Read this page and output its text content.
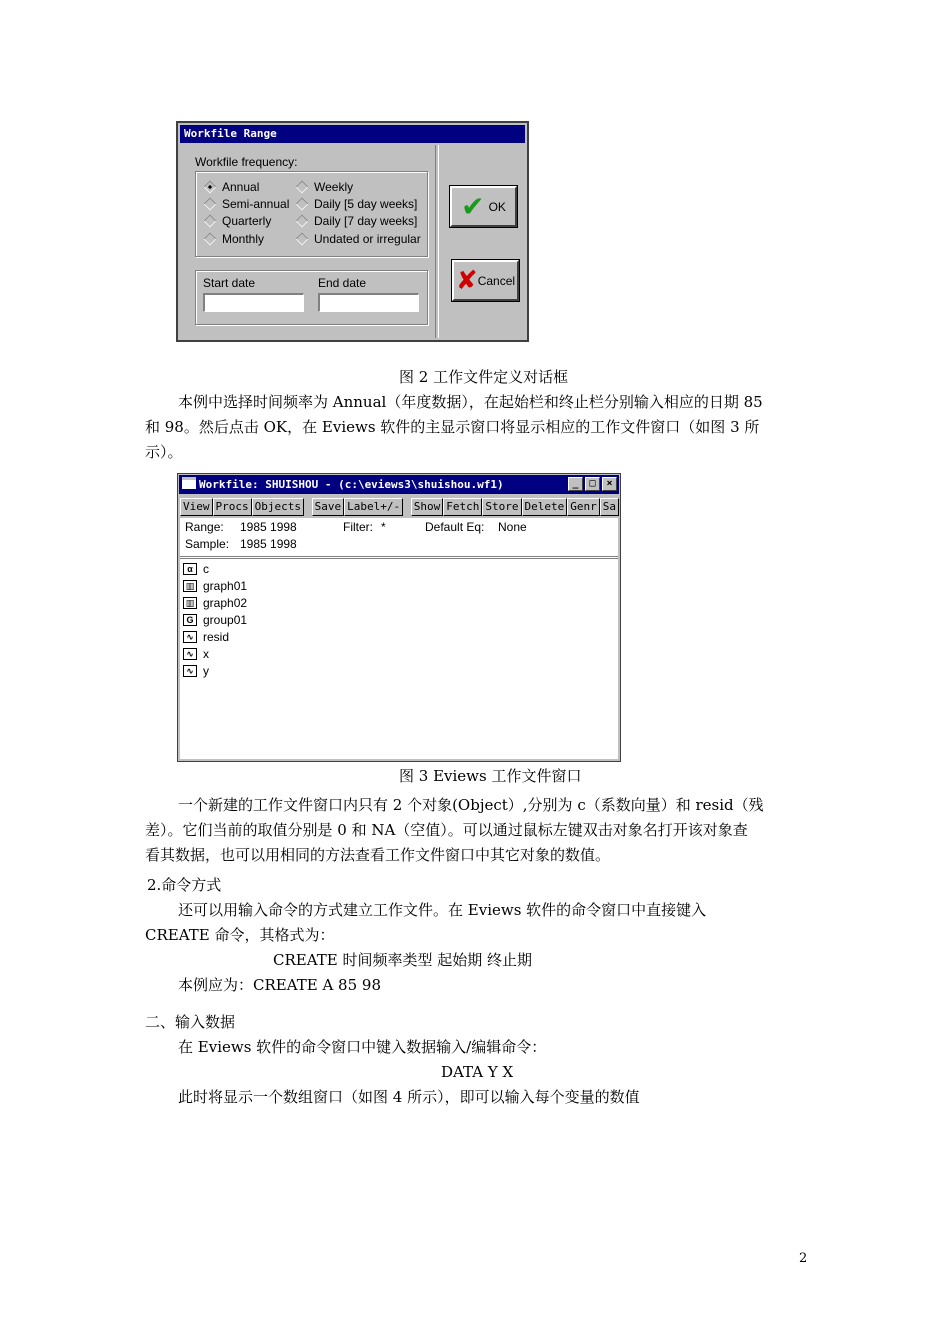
Workfile Range
Workfile frequency:
Annual
Semi-annual
Quarterly
Monthly
Weekly
Daily [5 day weeks]
Daily [7 day weeks]
Undated or irregular
Start date	End date
✔ OK
✘ Cancel
图 2 工作文件定义对话框
本例中选择时间频率为 Annual（年度数据），在起始栏和终止栏分别输入相应的日期 85
和 98。然后点击 OK，在 Eviews 软件的主显示窗口将显示相应的工作文件窗口（如图 3 所
示）。
Workfile: SHUISHOU - (c:\eviews3\shuishou.wf1)	_	□	×
View Procs Objects Save Label+/- Show Fetch Store Delete Genr Sa
Range: 1985 1998	Filter: *	Default Eq: None
Sample: 1985 1998
α c
▥ graph01
▥ graph02
G group01
∿ resid
∿ x
∿ y
图 3 Eviews 工作文件窗口
一个新建的工作文件窗口内只有 2 个对象(Object）,分别为 c（系数向量）和 resid（残
差）。它们当前的取值分别是 0 和 NA（空值）。可以通过鼠标左键双击对象名打开该对象查
看其数据，也可以用相同的方法查看工作文件窗口中其它对象的数值。
2.命令方式
还可以用输入命令的方式建立工作文件。在 Eviews 软件的命令窗口中直接键入
CREATE 命令，其格式为：
CREATE 时间频率类型 起始期 终止期
本例应为：CREATE A 85 98
二、输入数据
在 Eviews 软件的命令窗口中键入数据输入/编辑命令：
DATA Y X
此时将显示一个数组窗口（如图 4 所示），即可以输入每个变量的数值
2
